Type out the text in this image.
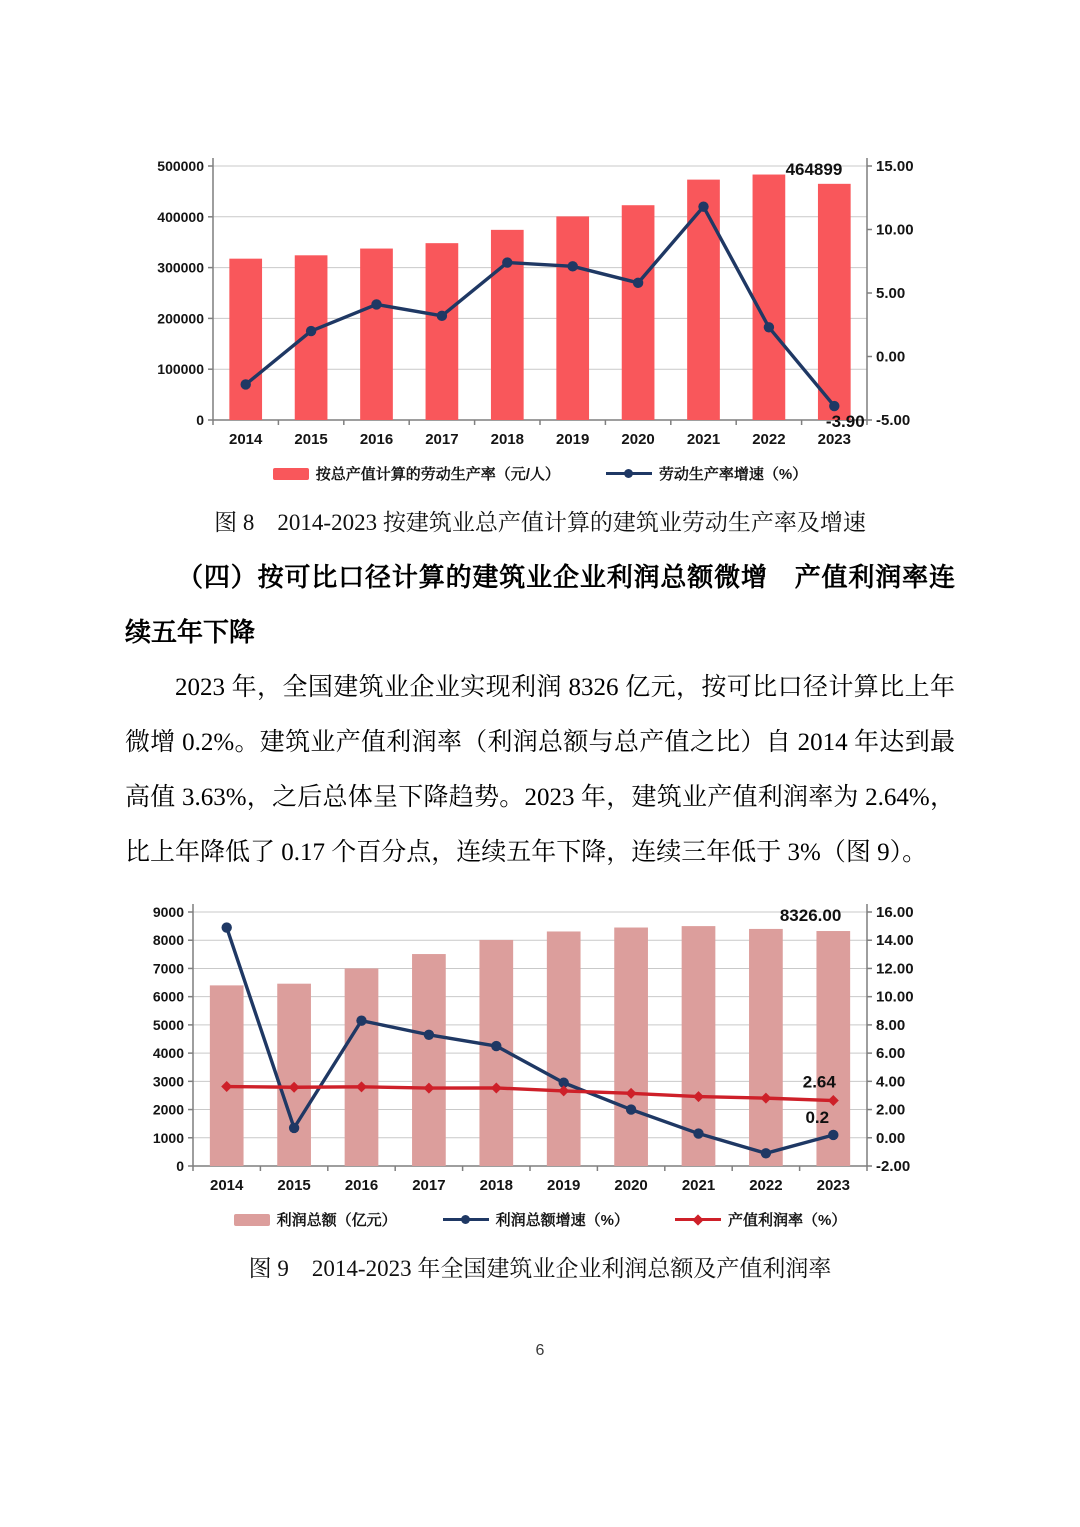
0
100000
200000
300000
400000
500000
-5.00
0.00
5.00
10.00
15.00
2014 2015 2016 2017 2018 2019 2020 2021 2022 2023
464899
-3.90
按总产值计算的劳动生产率（元/人）	劳动生产率增速（%）

图 8　2014-2023 按建筑业总产值计算的建筑业劳动生产率及增速

（四）按可比口径计算的建筑业企业利润总额微增　产值利润率连续五年下降

2023 年，全国建筑业企业实现利润 8326 亿元，按可比口径计算比上年微增 0.2%。建筑业产值利润率（利润总额与总产值之比）自 2014 年达到最高值 3.63%，之后总体呈下降趋势。2023 年，建筑业产值利润率为 2.64%，比上年降低了 0.17 个百分点，连续五年下降，连续三年低于 3%（图 9）。

0
1000
2000
3000
4000
5000
6000
7000
8000
9000
-2.00
0.00
2.00
4.00
6.00
8.00
10.00
12.00
14.00
16.00
2014 2015 2016 2017 2018 2019 2020 2021 2022 2023
8326.00
2.64
0.2
利润总额（亿元）	利润总额增速（%）	产值利润率（%）

图 9　2014-2023 年全国建筑业企业利润总额及产值利润率

6
